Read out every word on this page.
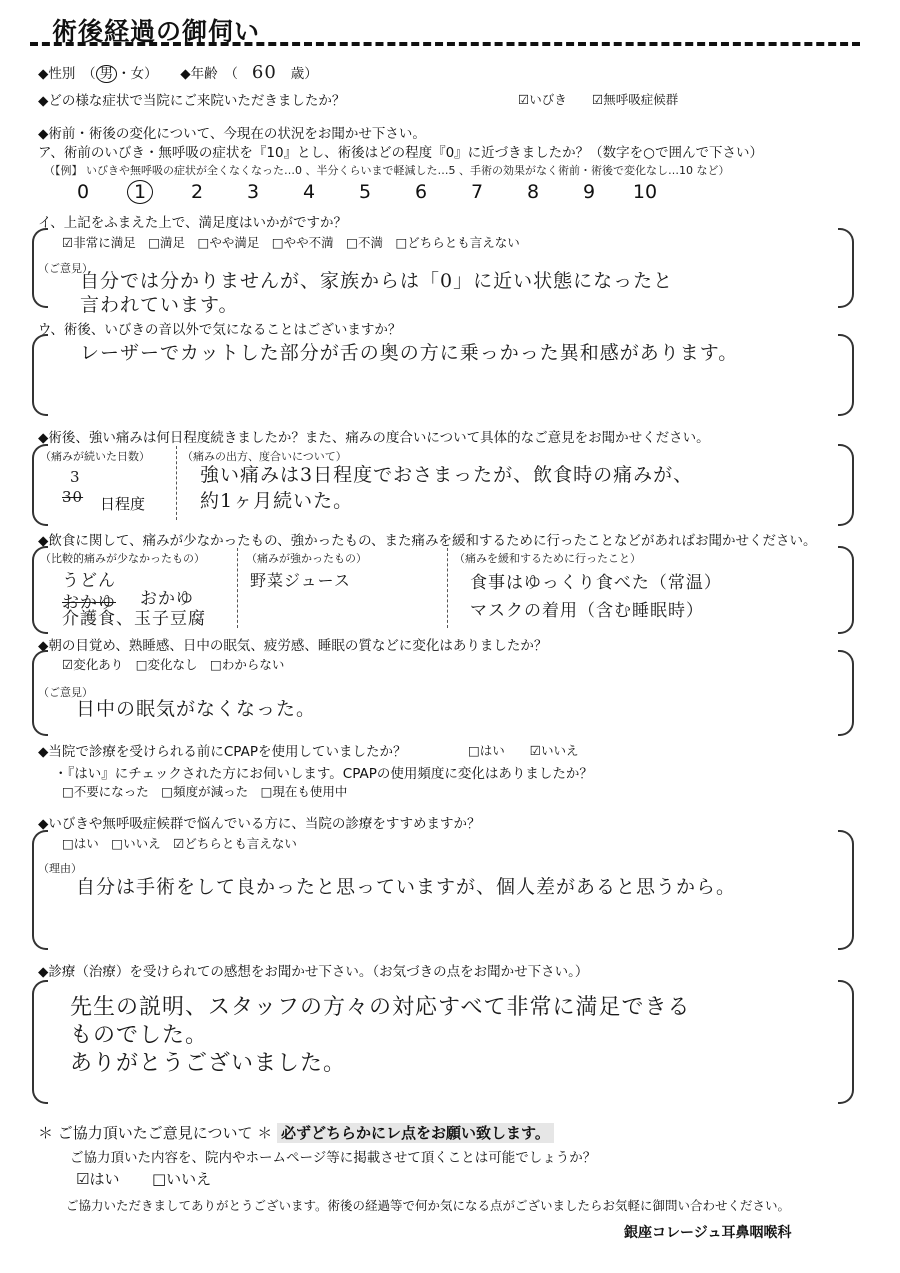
術後経過の御伺い
◆性別　（ 男 ・女） ◆年齢　（ 60 歳）
◆どの様な症状で当院にご来院いただきましたか？	☑いびき ☑無呼吸症候群
◆術前・術後の変化について、今現在の状況をお聞かせ下さい。
ア、術前のいびき・無呼吸の症状を『10』とし、術後はどの程度『0』に近づきましたか？（数字を○で囲んで下さい）
（【例】 いびきや無呼吸の症状が全くなくなった…0 、半分くらいまで軽減した…5 、手術の効果がなく術前・術後で変化なし…10 など）
0 1 2 3 4 5 6 7 8 9 10
イ、上記をふまえた上で、満足度はいかがですか？
☑非常に満足　□満足　□やや満足　□やや不満　□不満　□どちらとも言えない
（ご意見）
自分では分かりませんが、家族からは「0」に近い状態になったと
言われています。
ウ、術後、いびきの音以外で気になることはございますか？
レーザーでカットした部分が舌の奥の方に乗っかった異和感があります。
◆術後、強い痛みは何日程度続きましたか？また、痛みの度合いについて具体的なご意見をお聞かせください。
（痛みが続いた日数）
3
30 日程度
（痛みの出方、度合いについて）
強い痛みは3日程度でおさまったが、飲食時の痛みが、
約1ヶ月続いた。
◆飲食に関して、痛みが少なかったもの、強かったもの、また痛みを緩和するために行ったことなどがあればお聞かせください。
（比較的痛みが少なかったもの）
うどん
おかゆ おかゆ
介護食、玉子豆腐
（痛みが強かったもの）
野菜ジュース
（痛みを緩和するために行ったこと）
食事はゆっくり食べた（常温）
マスクの着用（含む睡眠時）
◆朝の目覚め、熟睡感、日中の眠気、疲労感、睡眠の質などに変化はありましたか？
☑変化あり　□変化なし　□わからない
（ご意見）
日中の眠気がなくなった。
◆当院で診療を受けられる前にCPAPを使用していましたか？	□はい　　☑いいえ
・『はい』にチェックされた方にお伺いします。CPAPの使用頻度に変化はありましたか？
□不要になった　□頻度が減った　□現在も使用中
◆いびきや無呼吸症候群で悩んでいる方に、当院の診療をすすめますか？
□はい　□いいえ　☑どちらとも言えない
（理由）
自分は手術をして良かったと思っていますが、個人差があると思うから。
◆診療（治療）を受けられての感想をお聞かせ下さい。（お気づきの点をお聞かせ下さい。）
先生の説明、スタッフの方々の対応すべて非常に満足できる
ものでした。
ありがとうございました。
＊ ご協力頂いたご意見について ＊ 必ずどちらかにレ点をお願い致します。
ご協力頂いた内容を、院内やホームページ等に掲載させて頂くことは可能でしょうか？
☑はい □いいえ
ご協力いただきましてありがとうございます。術後の経過等で何か気になる点がございましたらお気軽に御問い合わせください。
銀座コレージュ耳鼻咽喉科
